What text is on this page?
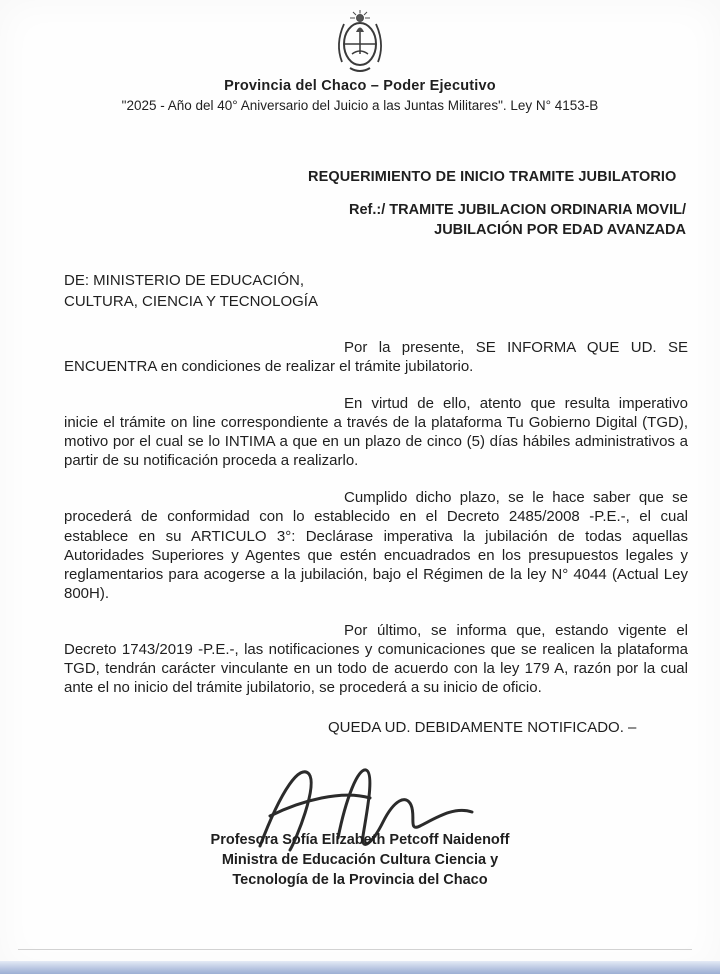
Provincia del Chaco – Poder Ejecutivo
"2025 - Año del 40° Aniversario del Juicio a las Juntas Militares". Ley N° 4153-B
REQUERIMIENTO DE INICIO TRAMITE JUBILATORIO
Ref.:/ TRAMITE JUBILACION ORDINARIA MOVIL/
JUBILACIÓN POR EDAD AVANZADA
DE: MINISTERIO DE EDUCACIÓN,
CULTURA, CIENCIA Y TECNOLOGÍA

Por la presente, SE INFORMA QUE UD. SE ENCUENTRA en condiciones de realizar el trámite jubilatorio.

En virtud de ello, atento que resulta imperativo inicie el trámite on line correspondiente a través de la plataforma Tu Gobierno Digital (TGD), motivo por el cual se lo INTIMA a que en un plazo de cinco (5) días hábiles administrativos a partir de su notificación proceda a realizarlo.

Cumplido dicho plazo, se le hace saber que se procederá de conformidad con lo establecido en el Decreto 2485/2008 -P.E.-, el cual establece en su ARTICULO 3°: Declárase imperativa la jubilación de todas aquellas Autoridades Superiores y Agentes que estén encuadrados en los presupuestos legales y reglamentarios para acogerse a la jubilación, bajo el Régimen de la ley N° 4044 (Actual Ley 800H).

Por último, se informa que, estando vigente el Decreto 1743/2019 -P.E.-, las notificaciones y comunicaciones que se realicen la plataforma TGD, tendrán carácter vinculante en un todo de acuerdo con la ley 179 A, razón por la cual ante el no inicio del trámite jubilatorio, se procederá a su inicio de oficio.

QUEDA UD. DEBIDAMENTE NOTIFICADO. –

Profesora Sofía Elizabeth Petcoff Naidenoff
Ministra de Educación Cultura Ciencia y
Tecnología de la Provincia del Chaco
